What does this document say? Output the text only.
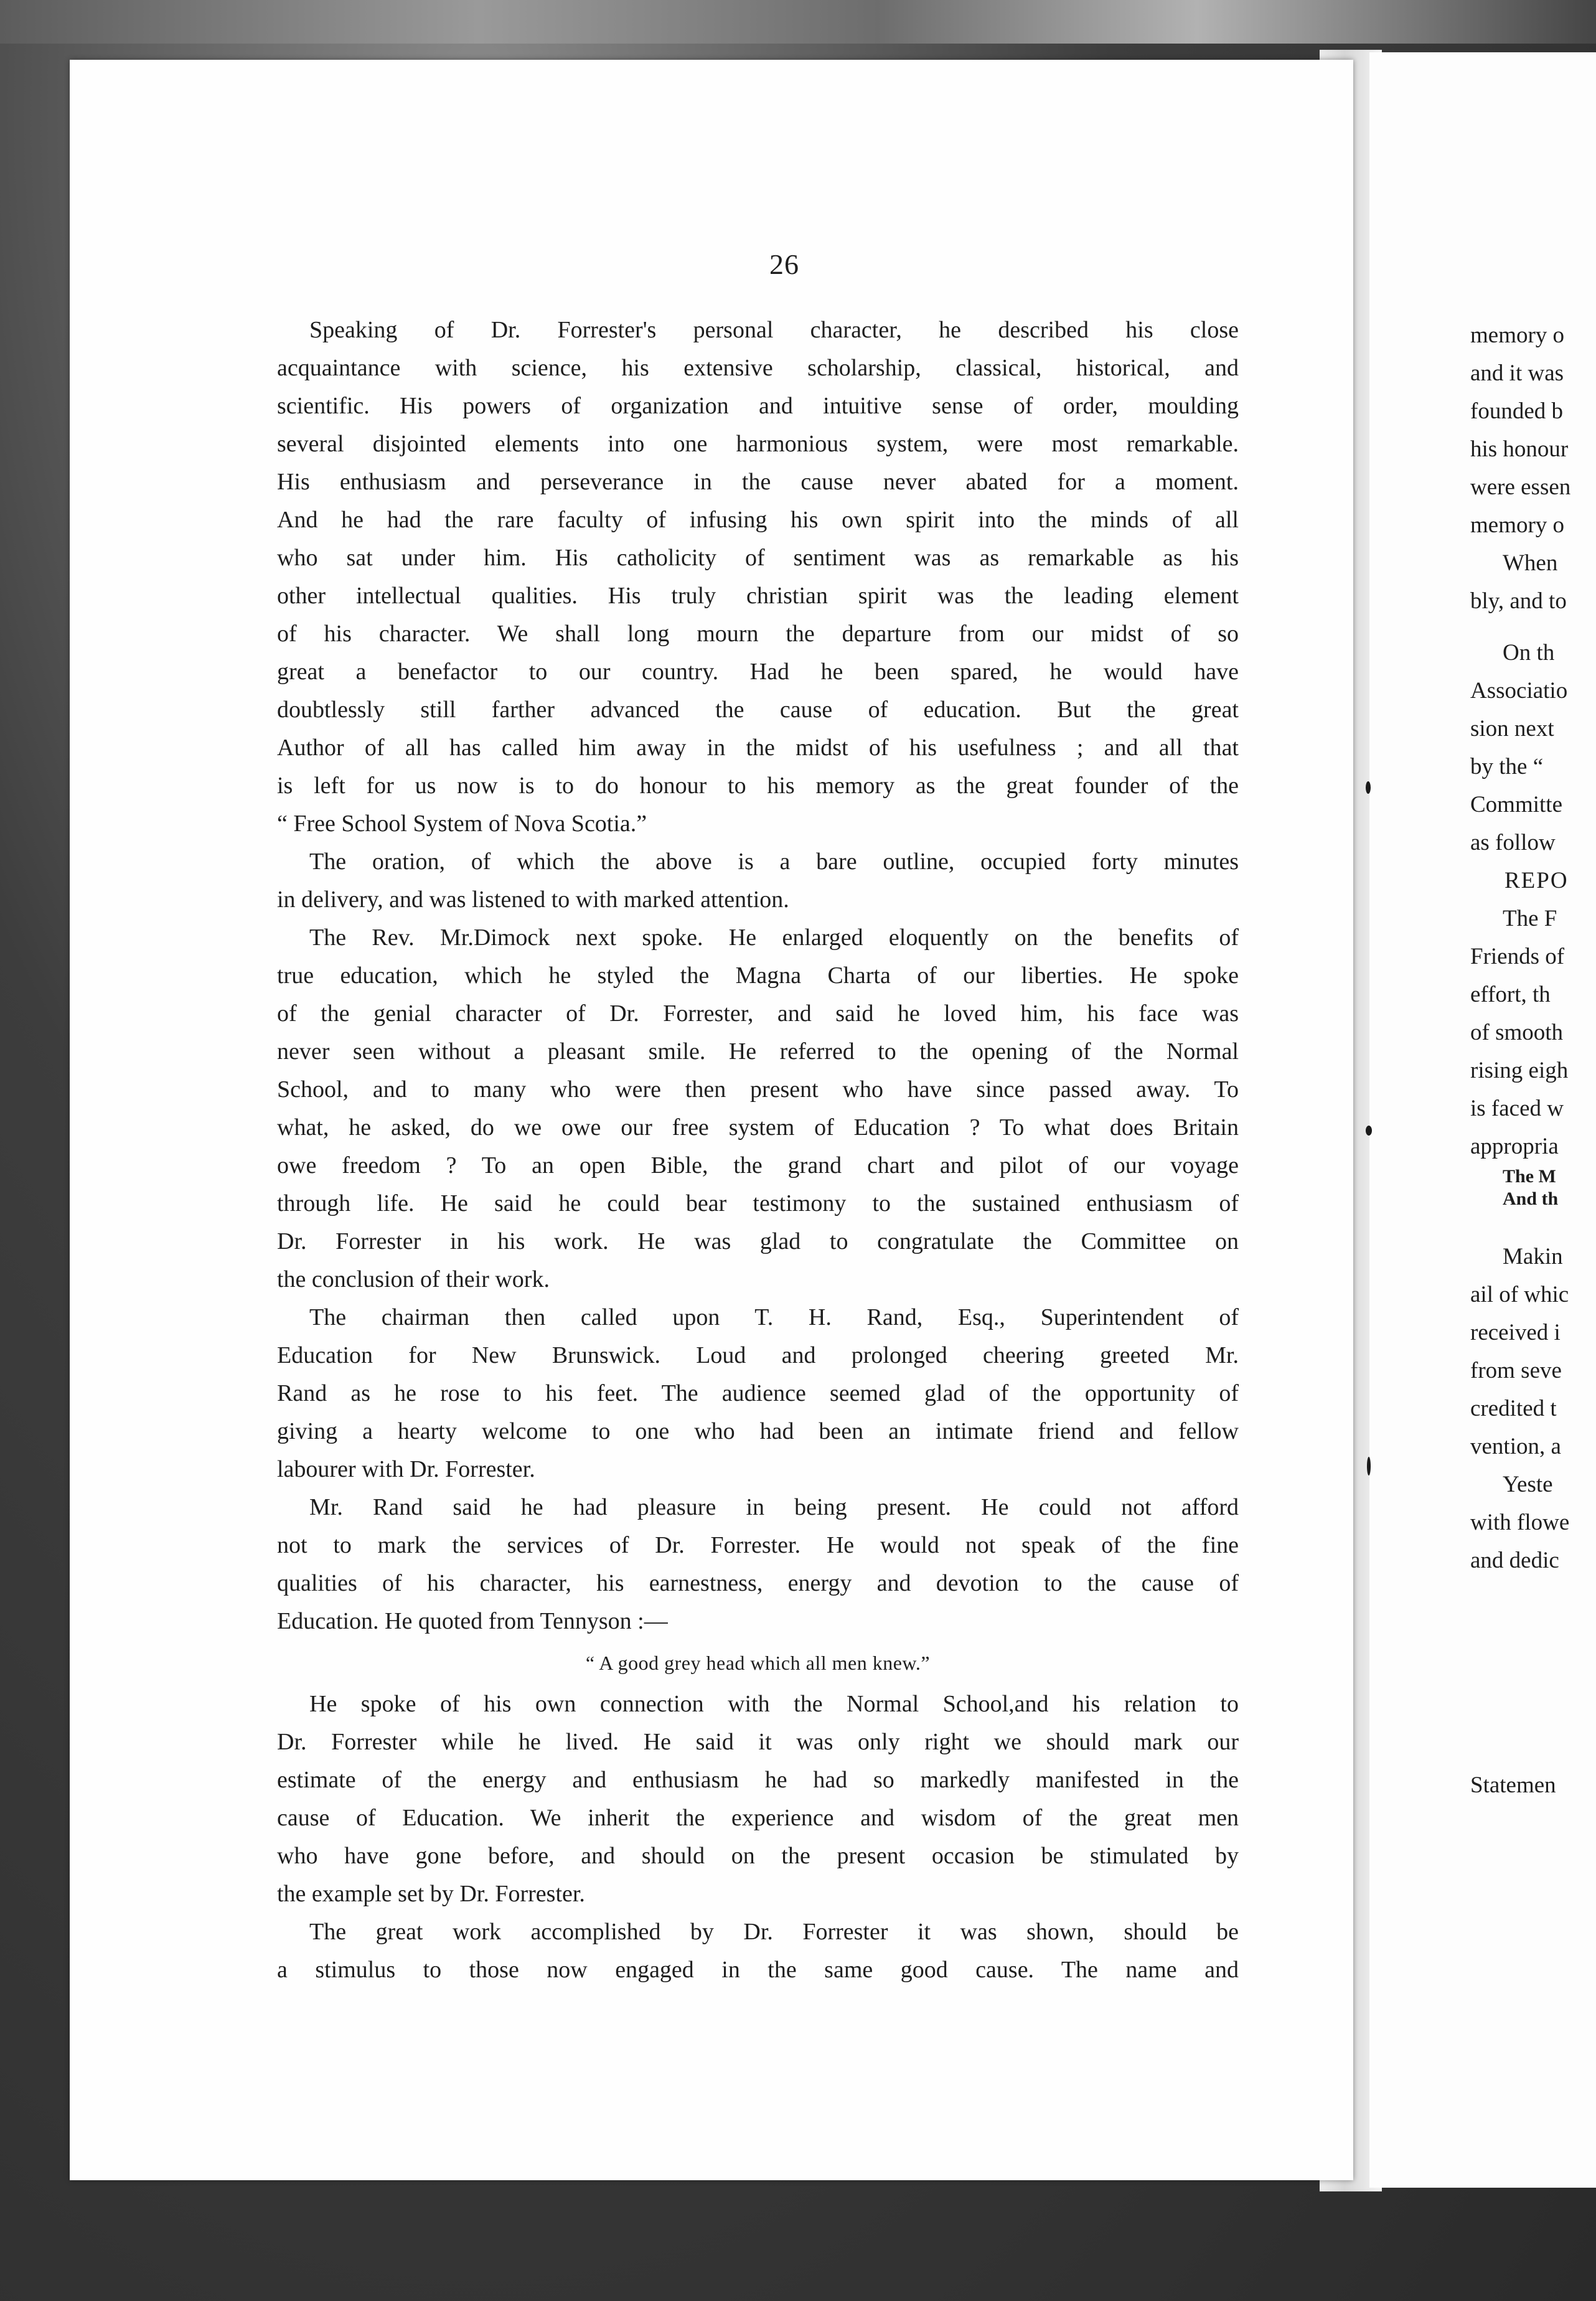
26
Speaking of Dr. Forrester's personal character, he described his close
acquaintance with science, his extensive scholarship, classical, historical, and
scientific. His powers of organization and intuitive sense of order, moulding
several disjointed elements into one harmonious system, were most remarkable.
His enthusiasm and perseverance in the cause never abated for a moment.
And he had the rare faculty of infusing his own spirit into the minds of all
who sat under him. His catholicity of sentiment was as remarkable as his
other intellectual qualities. His truly christian spirit was the leading element
of his character. We shall long mourn the departure from our midst of so
great a benefactor to our country. Had he been spared, he would have
doubtlessly still farther advanced the cause of education. But the great
Author of all has called him away in the midst of his usefulness ; and all that
is left for us now is to do honour to his memory as the great founder of the
“ Free School System of Nova Scotia.”
The oration, of which the above is a bare outline, occupied forty minutes
in delivery, and was listened to with marked attention.
The Rev. Mr.Dimock next spoke. He enlarged eloquently on the benefits of
true education, which he styled the Magna Charta of our liberties. He spoke
of the genial character of Dr. Forrester, and said he loved him, his face was
never seen without a pleasant smile. He referred to the opening of the Normal
School, and to many who were then present who have since passed away. To
what, he asked, do we owe our free system of Education ? To what does Britain
owe freedom ? To an open Bible, the grand chart and pilot of our voyage
through life. He said he could bear testimony to the sustained enthusiasm of
Dr. Forrester in his work. He was glad to congratulate the Committee on
the conclusion of their work.
The chairman then called upon T. H. Rand, Esq., Superintendent of
Education for New Brunswick. Loud and prolonged cheering greeted Mr.
Rand as he rose to his feet. The audience seemed glad of the opportunity of
giving a hearty welcome to one who had been an intimate friend and fellow
labourer with Dr. Forrester.
Mr. Rand said he had pleasure in being present. He could not afford
not to mark the services of Dr. Forrester. He would not speak of the fine
qualities of his character, his earnestness, energy and devotion to the cause of
Education. He quoted from Tennyson :—
“ A good grey head which all men knew.”
He spoke of his own connection with the Normal School,and his relation to
Dr. Forrester while he lived. He said it was only right we should mark our
estimate of the energy and enthusiasm he had so markedly manifested in the
cause of Education. We inherit the experience and wisdom of the great men
who have gone before, and should on the present occasion be stimulated by
the example set by Dr. Forrester.
The great work accomplished by Dr. Forrester it was shown, should be
a stimulus to those now engaged in the same good cause. The name and
memory o
and it was
founded b
his honour
were essen
memory o
When
bly, and to
On th
Associatio
sion next
by the “
Committe
as follow
REPO
The F
Friends of
effort, th
of smooth
rising eigh
is faced w
appropria
The M
And th
Makin
ail of whic
received i
from seve
credited t
vention, a
Yeste
with flowe
and dedic
Statemen
